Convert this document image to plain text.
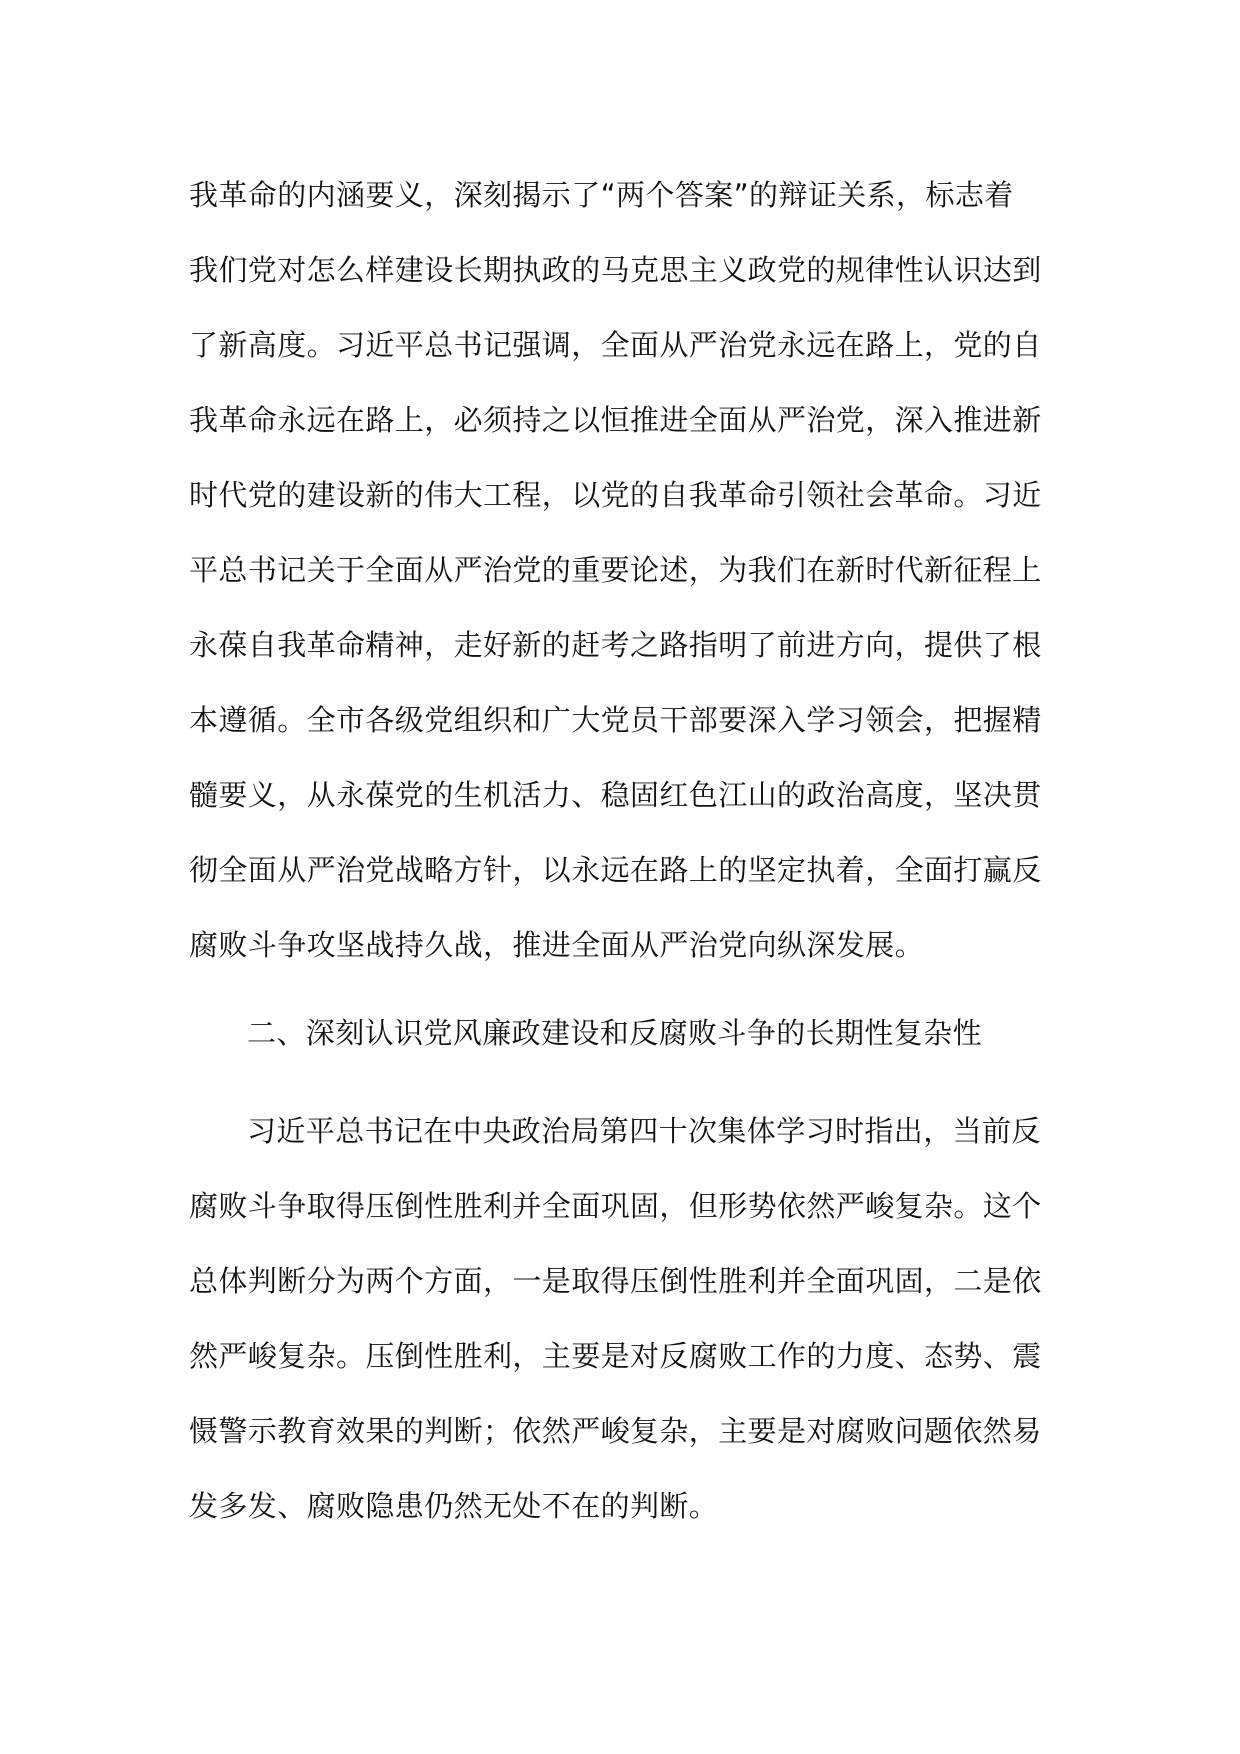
我革命的内涵要义，深刻揭示了“两个答案”的辩证关系，标志着
我们党对怎么样建设长期执政的马克思主义政党的规律性认识达到
了新高度。习近平总书记强调，全面从严治党永远在路上，党的自
我革命永远在路上，必须持之以恒推进全面从严治党，深入推进新
时代党的建设新的伟大工程，以党的自我革命引领社会革命。习近
平总书记关于全面从严治党的重要论述，为我们在新时代新征程上
永葆自我革命精神，走好新的赶考之路指明了前进方向，提供了根
本遵循。全市各级党组织和广大党员干部要深入学习领会，把握精
髓要义，从永葆党的生机活力、稳固红色江山的政治高度，坚决贯
彻全面从严治党战略方针，以永远在路上的坚定执着，全面打赢反
腐败斗争攻坚战持久战，推进全面从严治党向纵深发展。
二、深刻认识党风廉政建设和反腐败斗争的长期性复杂性
习近平总书记在中央政治局第四十次集体学习时指出，当前反
腐败斗争取得压倒性胜利并全面巩固，但形势依然严峻复杂。这个
总体判断分为两个方面，一是取得压倒性胜利并全面巩固，二是依
然严峻复杂。压倒性胜利，主要是对反腐败工作的力度、态势、震
慑警示教育效果的判断；依然严峻复杂，主要是对腐败问题依然易
发多发、腐败隐患仍然无处不在的判断。
